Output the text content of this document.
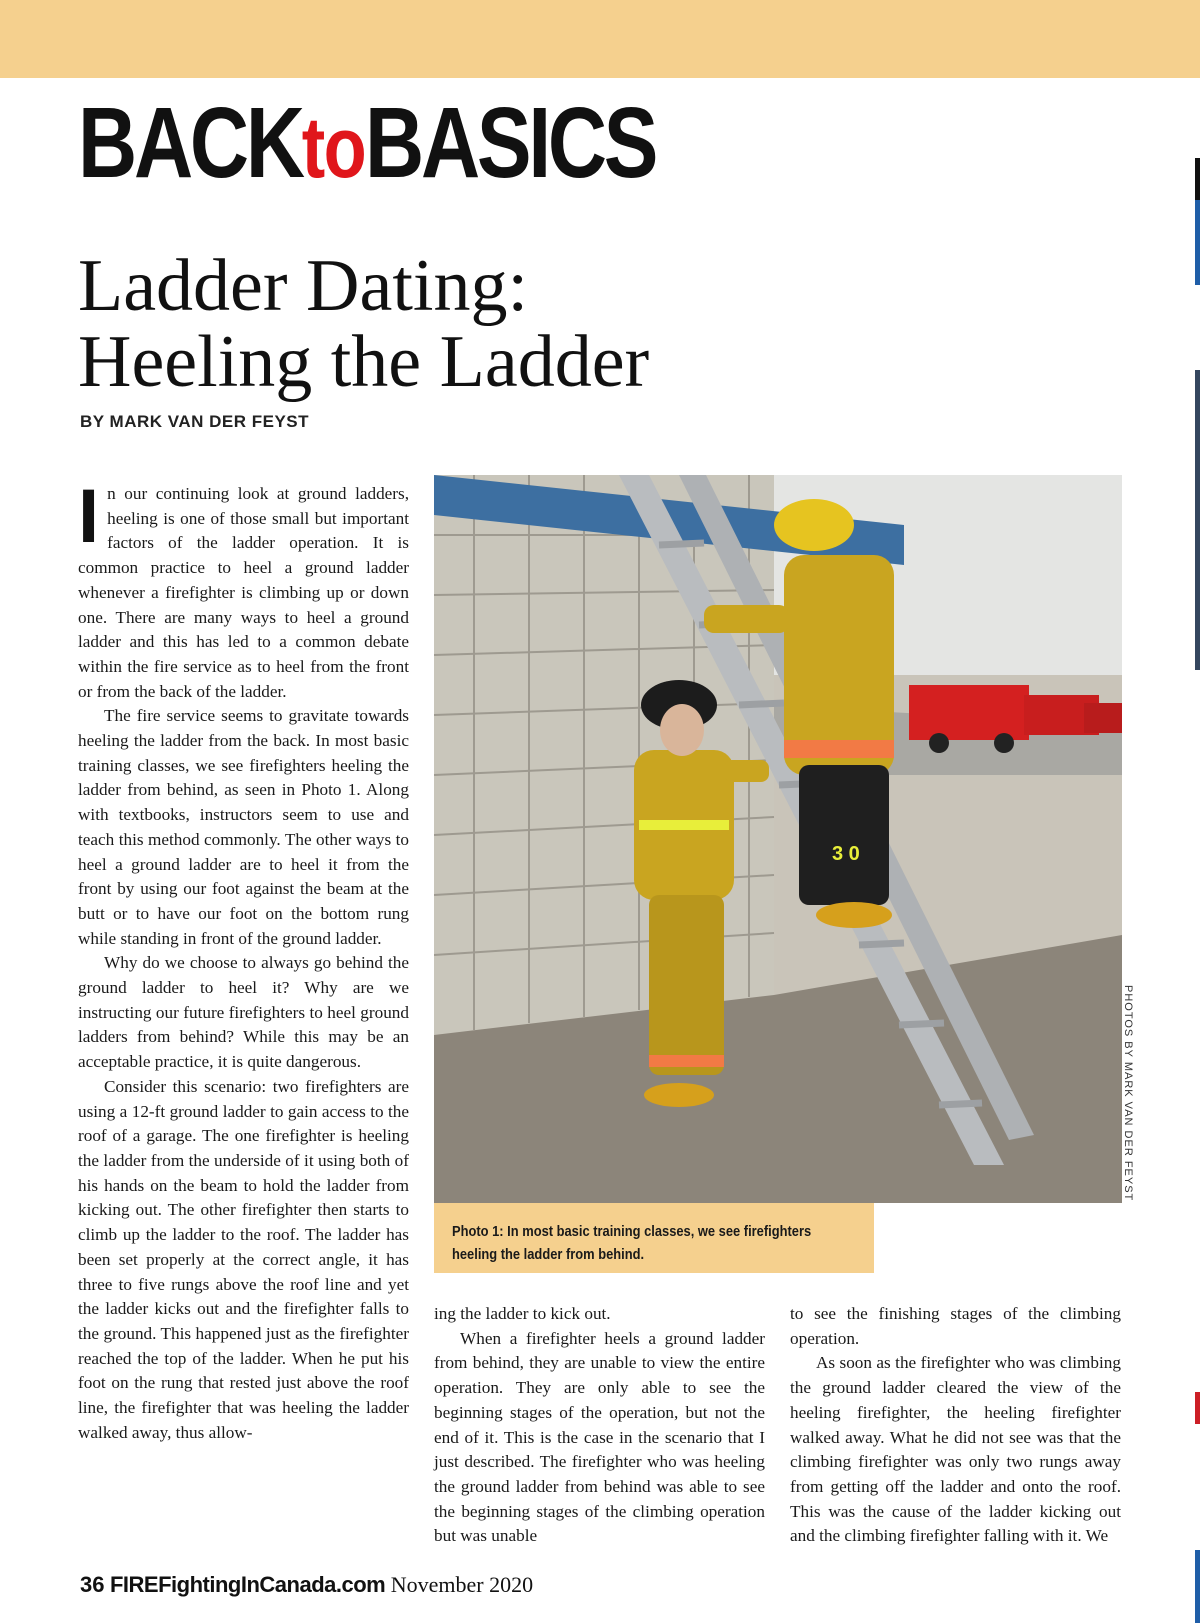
BACKtoBASICS
Ladder Dating:
Heeling the Ladder
BY MARK VAN DER FEYST

In our continuing look at ground ladders, heeling is one of those small but important factors of the ladder operation. It is common practice to heel a ground ladder whenever a firefighter is climbing up or down one. There are many ways to heel a ground ladder and this has led to a common debate within the fire service as to heel from the front or from the back of the ladder.

The fire service seems to gravitate towards heeling the ladder from the back. In most basic training classes, we see firefighters heeling the ladder from behind, as seen in Photo 1. Along with textbooks, instructors seem to use and teach this method commonly. The other ways to heel a ground ladder are to heel it from the front by using our foot against the beam at the butt or to have our foot on the bottom rung while standing in front of the ground ladder.

Why do we choose to always go behind the ground ladder to heel it? Why are we instructing our future firefighters to heel ground ladders from behind? While this may be an acceptable practice, it is quite dangerous.

Consider this scenario: two firefighters are using a 12-ft ground ladder to gain access to the roof of a garage. The one firefighter is heeling the ladder from the underside of it using both of his hands on the beam to hold the ladder from kicking out. The other firefighter then starts to climb up the ladder to the roof. The ladder has been set properly at the correct angle, it has three to five rungs above the roof line and yet the ladder kicks out and the firefighter falls to the ground. This happened just as the firefighter reached the top of the ladder. When he put his foot on the rung that rested just above the roof line, the firefighter that was heeling the ladder walked away, thus allow-

3 0
Photo 1: In most basic training classes, we see firefighters heeling the ladder from behind.
PHOTOS BY MARK VAN DER FEYST

ing the ladder to kick out.

When a firefighter heels a ground ladder from behind, they are unable to view the entire operation. They are only able to see the beginning stages of the operation, but not the end of it. This is the case in the scenario that I just described. The firefighter who was heeling the ground ladder from behind was able to see the beginning stages of the climbing operation but was unable

to see the finishing stages of the climbing operation.

As soon as the firefighter who was climbing the ground ladder cleared the view of the heeling firefighter, the heeling firefighter walked away. What he did not see was that the climbing firefighter was only two rungs away from getting off the ladder and onto the roof. This was the cause of the ladder kicking out and the climbing firefighter falling with it. We

36 FIREFightingInCanada.com November 2020
